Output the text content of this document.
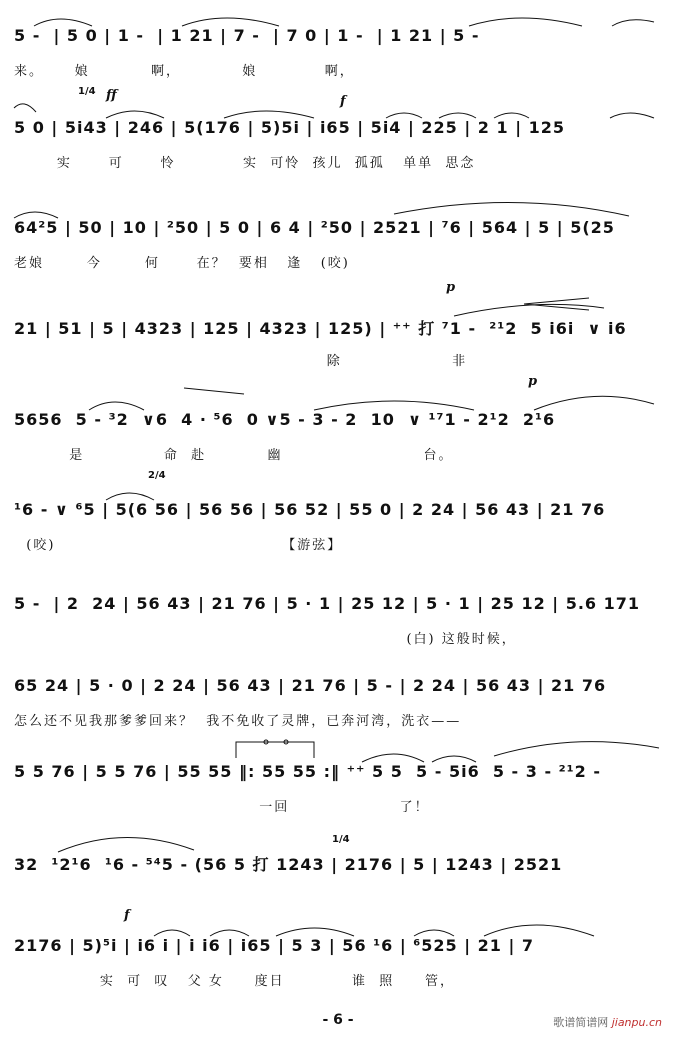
5 -  | 5 0 | 1 -  | 1 21 | 7 -  | 7 0 | 1 -  | 1 21 | 5 -
来。     娘          啊，          娘           啊，
1/4 ff	f
5 0 | 5i43 | 246 | 5(176 | 5)5i | i65 | 5i4 | 225 | 2 1 | 125
实      可      怜           实  可怜  孩儿  孤孤   单单  思念
64²5 | 50 | 10 | ²50 | 5 0 | 6 4 | ²50 | 2521 | ⁷6 | 564 | 5 | 5(25
老娘       今       何      在？  要相   逢   (咬)
p
21 | 51 | 5 | 4323 | 125 | 4323 | 125) | ⁺⁺ 打 ⁷1 -  ²¹2  5 i6i  ∨ i6
除                  非
p
5656  5 - ³2  ∨6  4 · ⁵6  0 ∨5 - 3 - 2  10  ∨ ¹⁷1 - 2¹2  2¹6
是             命  赴          幽                       台。
2/4
¹6 - ∨ ⁶5 | 5(6 56 | 56 56 | 56 52 | 55 0 | 2 24 | 56 43 | 21 76
(咬)                                     【游弦】
5 -  | 2  24 | 56 43 | 21 76 | 5 · 1 | 25 12 | 5 · 1 | 25 12 | 5.6 171
(白) 这般时候，
65 24 | 5 · 0 | 2 24 | 56 43 | 21 76 | 5 - | 2 24 | 56 43 | 21 76
怎么还不见我那爹爹回来？  我不免收了灵牌，已奔河湾，洗衣——
5 5 76 | 5 5 76 | 55 55 ‖: 55 55 :‖ ⁺⁺ 5 5  5 - 5i6  5 - 3 - ²¹2 -
一回                  了！
1/4
32  ¹2¹6  ¹6 - ⁵⁴5 - (56 5 打 1243 | 2176 | 5 | 1243 | 2521
f
2176 | 5)⁵i | i6 i | i i6 | i65 | 5 3 | 56 ¹6 | ⁶525 | 21 | 7
实  可  叹   父 女     度日           谁  照     管，
- 6 -	歌谱简谱网 jianpu.cn
